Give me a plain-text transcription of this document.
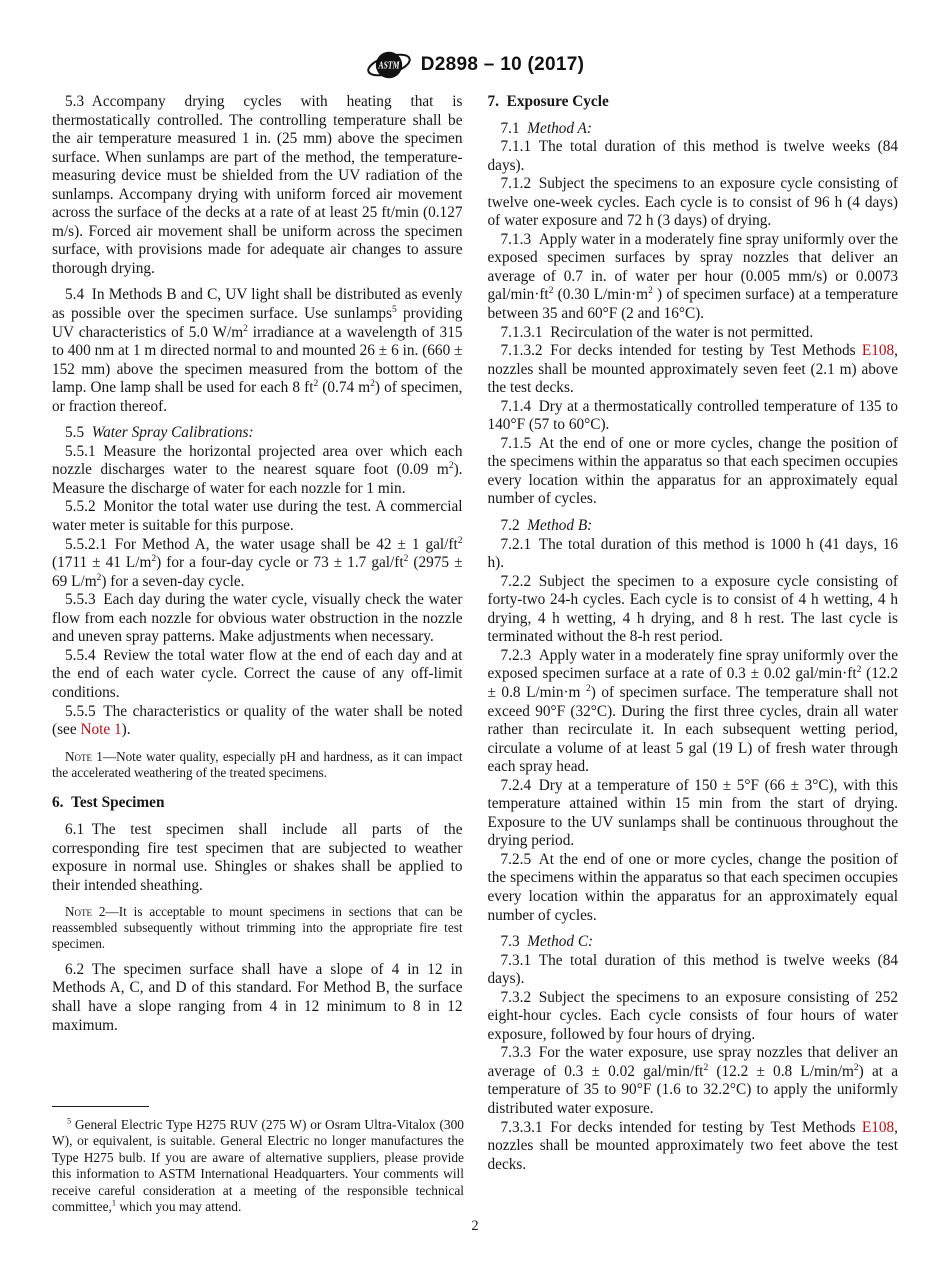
ASTM D2898 – 10 (2017)
5.3 Accompany drying cycles with heating that is thermostatically controlled. The controlling temperature shall be the air temperature measured 1 in. (25 mm) above the specimen surface. When sunlamps are part of the method, the temperature-measuring device must be shielded from the UV radiation of the sunlamps. Accompany drying with uniform forced air movement across the surface of the decks at a rate of at least 25 ft/min (0.127 m/s). Forced air movement shall be uniform across the specimen surface, with provisions made for adequate air changes to assure thorough drying.
5.4 In Methods B and C, UV light shall be distributed as evenly as possible over the specimen surface. Use sunlamps$^5$ providing UV characteristics of 5.0 $W/m^2$ irradiance at a wavelength of 315 to 400 nm at 1 m directed normal to and mounted 26 ± 6 in. (660 ± 152 mm) above the specimen measured from the bottom of the lamp. One lamp shall be used for each 8 $ft^2$ (0.74 $m^2$) of specimen, or fraction thereof.
5.5 Water Spray Calibrations:
5.5.1 Measure the horizontal projected area over which each nozzle discharges water to the nearest square foot (0.09 $m^2$). Measure the discharge of water for each nozzle for 1 min.
5.5.2 Monitor the total water use during the test. A commercial water meter is suitable for this purpose.
5.5.2.1 For Method A, the water usage shall be 42 ± 1 gal/$ft^2$ (1711 ± 41 $L/m^2$) for a four-day cycle or 73 ± 1.7 gal/$ft^2$ (2975 ± 69 $L/m^2$) for a seven-day cycle.
5.5.3 Each day during the water cycle, visually check the water flow from each nozzle for obvious water obstruction in the nozzle and uneven spray patterns. Make adjustments when necessary.
5.5.4 Review the total water flow at the end of each day and at the end of each water cycle. Correct the cause of any off-limit conditions.
5.5.5 The characteristics or quality of the water shall be noted (see Note 1).
Note 1—Note water quality, especially pH and hardness, as it can impact the accelerated weathering of the treated specimens.
6. Test Specimen
6.1 The test specimen shall include all parts of the corresponding fire test specimen that are subjected to weather exposure in normal use. Shingles or shakes shall be applied to their intended sheathing.
Note 2—It is acceptable to mount specimens in sections that can be reassembled subsequently without trimming into the appropriate fire test specimen.
6.2 The specimen surface shall have a slope of 4 in 12 in Methods A, C, and D of this standard. For Method B, the surface shall have a slope ranging from 4 in 12 minimum to 8 in 12 maximum.
7. Exposure Cycle
7.1 Method A:
7.1.1 The total duration of this method is twelve weeks (84 days).
7.1.2 Subject the specimens to an exposure cycle consisting of twelve one-week cycles. Each cycle is to consist of 96 h (4 days) of water exposure and 72 h (3 days) of drying.
7.1.3 Apply water in a moderately fine spray uniformly over the exposed specimen surfaces by spray nozzles that deliver an average of 0.7 in. of water per hour (0.005 mm/s) or 0.0073 gal/$\min\cdot ft^2$ (0.30 $L/\min\cdot m^2$ ) of specimen surface) at a temperature between 35 and 60°F (2 and 16°C).
7.1.3.1 Recirculation of the water is not permitted.
7.1.3.2 For decks intended for testing by Test Methods E108, nozzles shall be mounted approximately seven feet (2.1 m) above the test decks.
7.1.4 Dry at a thermostatically controlled temperature of 135 to 140°F (57 to 60°C).
7.1.5 At the end of one or more cycles, change the position of the specimens within the apparatus so that each specimen occupies every location within the apparatus for an approximately equal number of cycles.
7.2 Method B:
7.2.1 The total duration of this method is 1000 h (41 days, 16 h).
7.2.2 Subject the specimen to a exposure cycle consisting of forty-two 24-h cycles. Each cycle is to consist of 4 h wetting, 4 h drying, 4 h wetting, 4 h drying, and 8 h rest. The last cycle is terminated without the 8-h rest period.
7.2.3 Apply water in a moderately fine spray uniformly over the exposed specimen surface at a rate of 0.3 ± 0.02 gal/$\min\cdot ft^2$ (12.2 ± 0.8 L/min·m $^2$) of specimen surface. The temperature shall not exceed 90°F (32°C). During the first three cycles, drain all water rather than recirculate it. In each subsequent wetting period, circulate a volume of at least 5 gal (19 L) of fresh water through each spray head.
7.2.4 Dry at a temperature of 150 ± 5°F (66 ± 3°C), with this temperature attained within 15 min from the start of drying. Exposure to the UV sunlamps shall be continuous throughout the drying period.
7.2.5 At the end of one or more cycles, change the position of the specimens within the apparatus so that each specimen occupies every location within the apparatus for an approximately equal number of cycles.
7.3 Method C:
7.3.1 The total duration of this method is twelve weeks (84 days).
7.3.2 Subject the specimens to an exposure consisting of 252 eight-hour cycles. Each cycle consists of four hours of water exposure, followed by four hours of drying.
7.3.3 For the water exposure, use spray nozzles that deliver an average of 0.3 ± 0.02 gal/$\min/ft^2$ (12.2 ± 0.8 $L/\min/m^2$) at a temperature of 35 to 90°F (1.6 to 32.2°C) to apply the uniformly distributed water exposure.
7.3.3.1 For decks intended for testing by Test Methods E108, nozzles shall be mounted approximately two feet above the test decks.
$^5$ General Electric Type H275 RUV (275 W) or Osram Ultra-Vitalox (300 W), or equivalent, is suitable. General Electric no longer manufactures the Type H275 bulb. If you are aware of alternative suppliers, please provide this information to ASTM International Headquarters. Your comments will receive careful consideration at a meeting of the responsible technical committee,$^1$ which you may attend.
2
